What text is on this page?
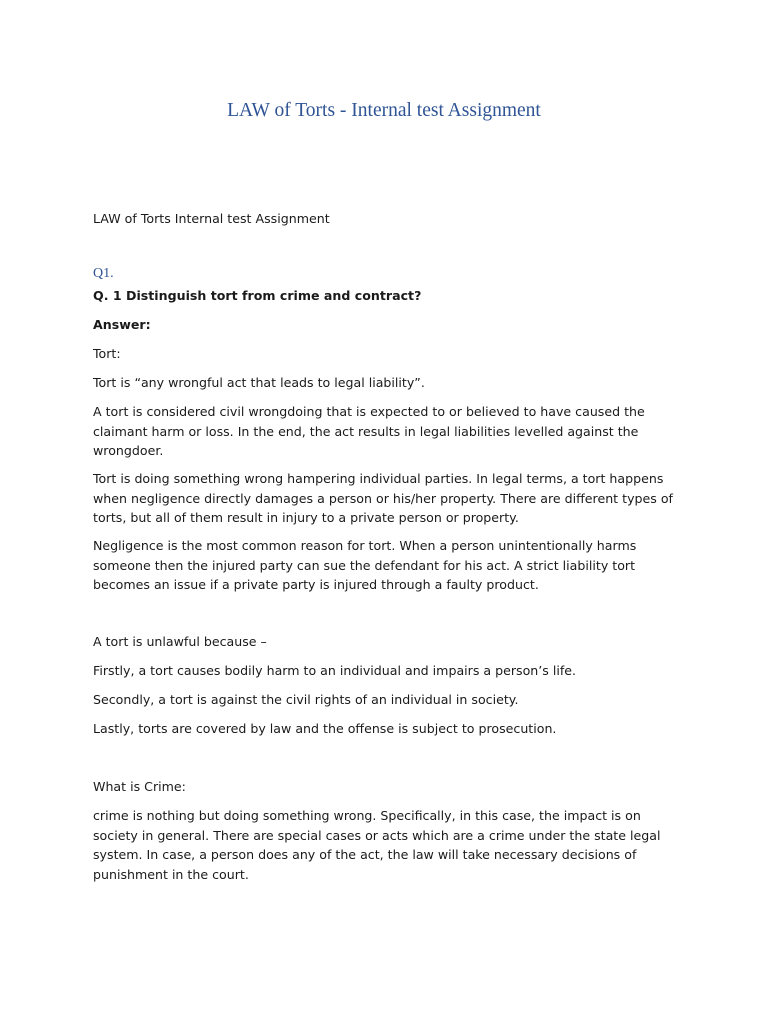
LAW of Torts - Internal test Assignment

LAW of Torts Internal test Assignment

Q1.

Q. 1 Distinguish tort from crime and contract?

Answer:

Tort:

Tort is “any wrongful act that leads to legal liability”.

A tort is considered civil wrongdoing that is expected to or believed to have caused the claimant harm or loss. In the end, the act results in legal liabilities levelled against the wrongdoer.

Tort is doing something wrong hampering individual parties. In legal terms, a tort happens when negligence directly damages a person or his/her property. There are different types of torts, but all of them result in injury to a private person or property.

Negligence is the most common reason for tort. When a person unintentionally harms someone then the injured party can sue the defendant for his act. A strict liability tort becomes an issue if a private party is injured through a faulty product.

A tort is unlawful because –

Firstly, a tort causes bodily harm to an individual and impairs a person’s life.

Secondly, a tort is against the civil rights of an individual in society.

Lastly, torts are covered by law and the offense is subject to prosecution.

What is Crime:

crime is nothing but doing something wrong. Specifically, in this case, the impact is on society in general. There are special cases or acts which are a crime under the state legal system. In case, a person does any of the act, the law will take necessary decisions of punishment in the court.
